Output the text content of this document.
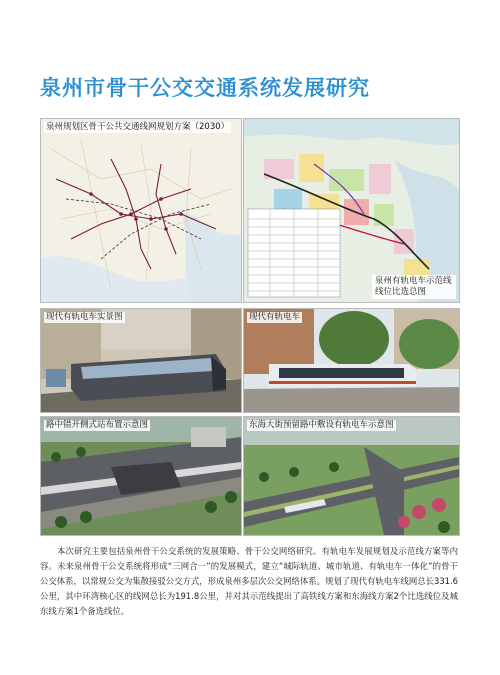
泉州市骨干公交交通系统发展研究
泉州规划区骨干公共交通线网规划方案（2030）
泉州有轨电车示范线线位比选总图
现代有轨电车实景图	现代有轨电车
路中错开侧式站布置示意图	东海大街预留路中敷设有轨电车示意图
本次研究主要包括泉州骨干公交系统的发展策略、骨干公交网络研究、有轨电车发展规划及示范线方案等内容。未来泉州骨干公交系统将形成“三网合一”的发展模式，建立“城际轨道、城市轨道、有轨电车一体化”的骨干公交体系，以常规公交为集散接驳公交方式，形成泉州多层次公交网络体系。规划了现代有轨电车线网总长331.6公里，其中环湾核心区的线网总长为191.8公里，并对其示范线提出了高铁线方案和东海线方案2个比选线位及城东线方案1个备选线位。
